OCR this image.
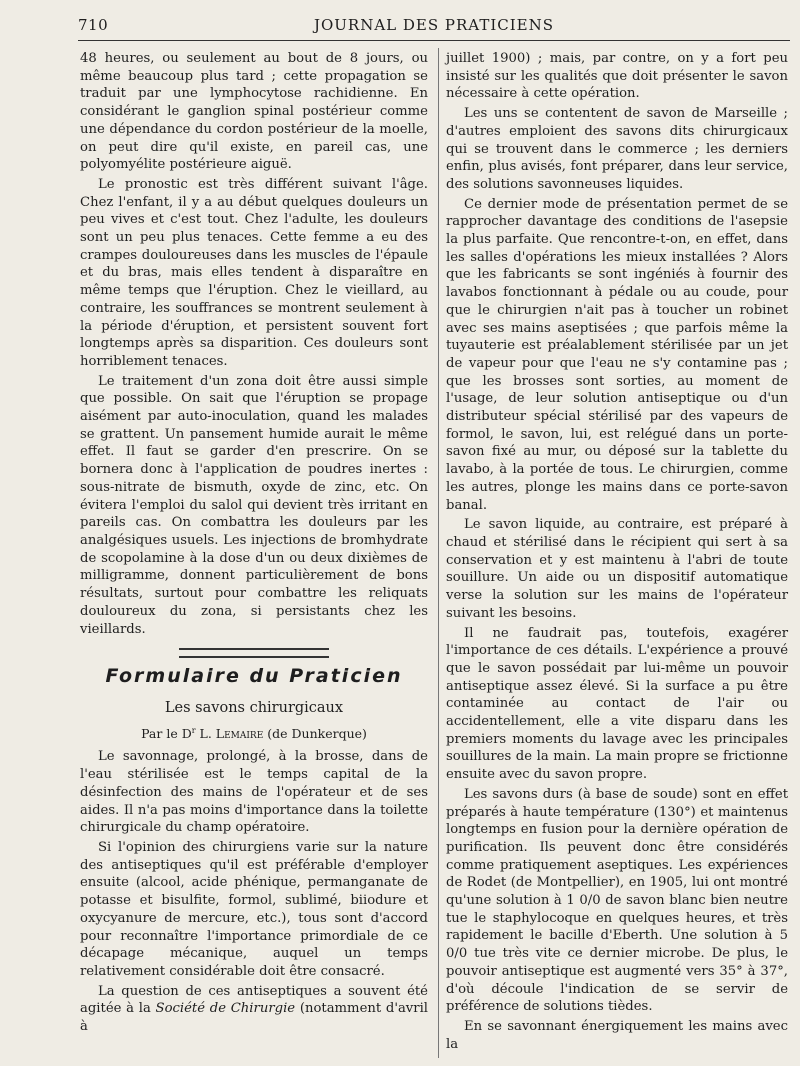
710	JOURNAL DES PRATICIENS

48 heures, ou seulement au bout de 8 jours, ou même beaucoup plus tard ; cette propagation se traduit par une lymphocytose rachidienne. En considérant le ganglion spinal postérieur comme une dépendance du cordon postérieur de la moelle, on peut dire qu'il existe, en pareil cas, une polyomyélite postérieure aiguë.

Le pronostic est très différent suivant l'âge. Chez l'enfant, il y a au début quelques douleurs un peu vives et c'est tout. Chez l'adulte, les douleurs sont un peu plus tenaces. Cette femme a eu des crampes douloureuses dans les muscles de l'épaule et du bras, mais elles tendent à disparaître en même temps que l'éruption. Chez le vieillard, au contraire, les souffrances se montrent seulement à la période d'éruption, et persistent souvent fort longtemps après sa disparition. Ces douleurs sont horriblement tenaces.

Le traitement d'un zona doit être aussi simple que possible. On sait que l'éruption se propage aisément par auto-inoculation, quand les malades se grattent. Un pansement humide aurait le même effet. Il faut se garder d'en prescrire. On se bornera donc à l'application de poudres inertes : sous-nitrate de bismuth, oxyde de zinc, etc. On évitera l'emploi du salol qui devient très irritant en pareils cas. On combattra les douleurs par les analgésiques usuels. Les injections de bromhydrate de scopolamine à la dose d'un ou deux dixièmes de milligramme, donnent particulièrement de bons résultats, surtout pour combattre les reliquats douloureux du zona, si persistants chez les vieillards.

Formulaire du Praticien
Les savons chirurgicaux
Par le $D^r$ L. Lemaire (de Dunkerque)

Le savonnage, prolongé, à la brosse, dans de l'eau stérilisée est le temps capital de la désinfection des mains de l'opérateur et de ses aides. Il n'a pas moins d'importance dans la toilette chirurgicale du champ opératoire.

Si l'opinion des chirurgiens varie sur la nature des antiseptiques qu'il est préférable d'employer ensuite (alcool, acide phénique, permanganate de potasse et bisulfite, formol, sublimé, biiodure et oxycyanure de mercure, etc.), tous sont d'accord pour reconnaître l'importance primordiale de ce décapage mécanique, auquel un temps relativement considérable doit être consacré.

La question de ces antiseptiques a souvent été agitée à la Société de Chirurgie (notamment d'avril à

juillet 1900) ; mais, par contre, on y a fort peu insisté sur les qualités que doit présenter le savon nécessaire à cette opération.

Les uns se contentent de savon de Marseille ; d'autres emploient des savons dits chirurgicaux qui se trouvent dans le commerce ; les derniers enfin, plus avisés, font préparer, dans leur service, des solutions savonneuses liquides.

Ce dernier mode de présentation permet de se rapprocher davantage des conditions de l'asepsie la plus parfaite. Que rencontre-t-on, en effet, dans les salles d'opérations les mieux installées ? Alors que les fabricants se sont ingéniés à fournir des lavabos fonctionnant à pédale ou au coude, pour que le chirurgien n'ait pas à toucher un robinet avec ses mains aseptisées ; que parfois même la tuyauterie est préalablement stérilisée par un jet de vapeur pour que l'eau ne s'y contamine pas ; que les brosses sont sorties, au moment de l'usage, de leur solution antiseptique ou d'un distributeur spécial stérilisé par des vapeurs de formol, le savon, lui, est relégué dans un porte-savon fixé au mur, ou déposé sur la tablette du lavabo, à la portée de tous. Le chirurgien, comme les autres, plonge les mains dans ce porte-savon banal.

Le savon liquide, au contraire, est préparé à chaud et stérilisé dans le récipient qui sert à sa conservation et y est maintenu à l'abri de toute souillure. Un aide ou un dispositif automatique verse la solution sur les mains de l'opérateur suivant les besoins.

Il ne faudrait pas, toutefois, exagérer l'importance de ces détails. L'expérience a prouvé que le savon possédait par lui-même un pouvoir antiseptique assez élevé. Si la surface a pu être contaminée au contact de l'air ou accidentellement, elle a vite disparu dans les premiers moments du lavage avec les principales souillures de la main. La main propre se frictionne ensuite avec du savon propre.

Les savons durs (à base de soude) sont en effet préparés à haute température (130°) et maintenus longtemps en fusion pour la dernière opération de purification. Ils peuvent donc être considérés comme pratiquement aseptiques. Les expériences de Rodet (de Montpellier), en 1905, lui ont montré qu'une solution à 1 0/0 de savon blanc bien neutre tue le staphylocoque en quelques heures, et très rapidement le bacille d'Eberth. Une solution à 5 0/0 tue très vite ce dernier microbe. De plus, le pouvoir antiseptique est augmenté vers 35° à 37°, d'où découle l'indication de se servir de préférence de solutions tièdes.

En se savonnant énergiquement les mains avec la
